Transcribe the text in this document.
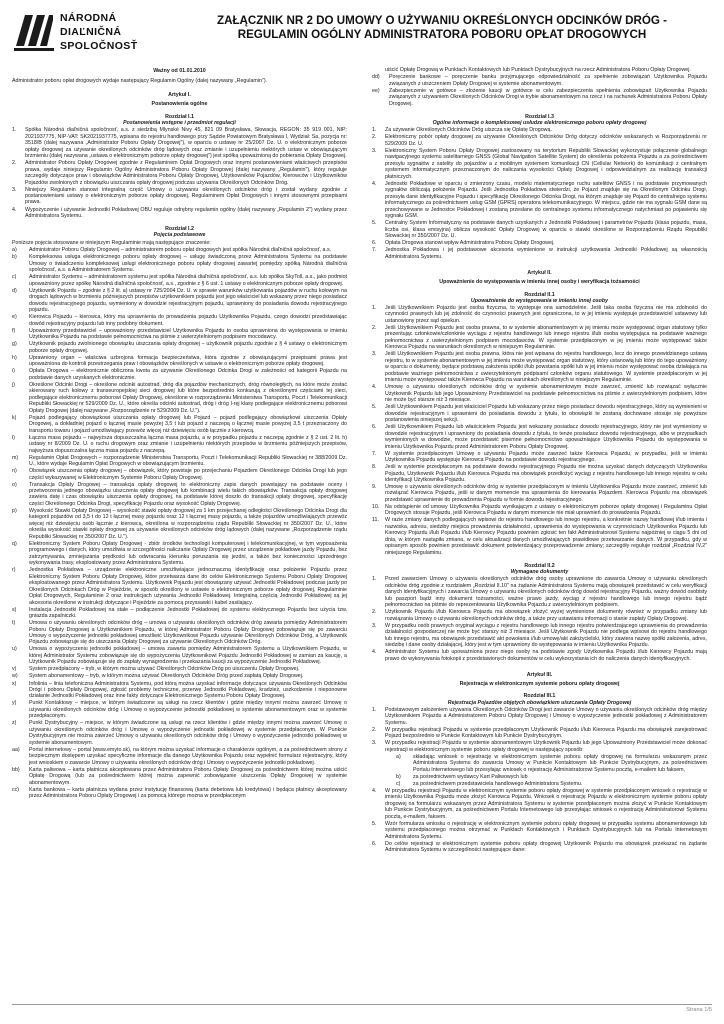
NÁRODNÁ
DIAĽNIČNÁ
SPOLOČNOSŤ
ZAŁĄCZNIK NR 2 DO UMOWY O UŻYWANIU OKREŚLONYCH ODCINKÓW DRÓG -
REGULAMIN OGÓLNY ADMINISTRATORA POBORU OPŁAT DROGOWYCH
Ważny od 01.01.2010
Administrator poboru opłat drogowych wydaje następujący Regulamin Ogólny (dalej nazywany „Regulamin").
Artykuł I.
Postanowienia ogólne
Rozdział I.1
Postanowienia wstępne i przedmiot regulacji
1.	Spółka Národná diaľničná spoločnosť, a.s. z siedzibą Mlynské Nivy 45, 821 09 Bratysława, Słowacja, REGON: 35 919 001, NIP: 2021937775, NIP-VAT: SK2021937775, wpisana do rejestru handlowego przy Sądzie Powiatowym Bratysława I, Wydział: Sa, pozycja nr: 3518/B (dalej nazywana „Administrator Poboru Opłaty Drogowej"), w oparciu o ustawę nr 25/2007 Dz. U. o elektronicznym poborze opłaty drogowej za używanie określonych odcinków dróg lądowych oraz zmianie i uzupełnieniu niektórych ustaw w obowiązującym brzmieniu (dalej nazywana „ustawa o elektronicznym poborze opłaty drogowej") jest spółką upoważnioną do pobierania Opłaty Drogowej.
2.	Administrator Poboru Opłaty Drogowej zgodnie z Regulaminem Opłat Drogowych oraz innymi postanowieniami właściwych przepisów prawa, wydaje niniejszy Regulamin Ogólny Administratora Poboru Opłaty Drogowej (dalej nazywany „Regulamin"), który reguluje szczegóły dotyczące praw i obowiązków Administratora Poboru Opłaty Drogowej, Użytkowników Pojazdów, Kierowców i Użytkowników Pojazdów zwolnionych z obowiązku uiszczania opłaty drogowej podczas używania Określonych Odcinków Dróg.
3.	Niniejszy Regulamin stanowi integralną część Umowy o używaniu określonych odcinków dróg i został wydany zgodnie z postanowieniami ustawy o elektronicznym poborze opłaty drogowej, Regulaminem Opłat Drogowych i innymi stosownymi przepisami prawa.
4.	Wypożyczenie i używanie Jednostki Pokładowej OBU reguluje odrębny regulamin ogólny (dalej nazywany „Regulamin 2") wydany przez Administratora Systemu.
Rozdział I.2
Pojęcia podstawowe
Poniższe pojęcia stosowane w niniejszym Regulaminie mają następujące znaczenie:
a)	Administrator Poboru Opłaty Drogowej – administratorem poboru opłat drogowych jest spółka Národná diaľničná spoločnosť, a.s.
b)	Kompleksowa usługa elektronicznego poboru opłaty drogowej – usługę świadczoną przez Administratora Systemu na podstawie Umowy o świadczeniu kompleksowej usługi elektronicznego poboru opłaty drogowej zawartej pomiędzy spółką Národná diaľničná spoločnosť, a.s. a Administratorem Systemu.
c)	Administrator Systemu – administratorem systemu jest spółka Národná diaľničná spoločnosť, a.s. lub spółka SkyToll, a.s., jako podmiot upoważniony przez spółkę Národná diaľničná spoločnosť, a.s., zgodnie z § 6 ust. 1 ustawy o elektronicznym poborze opłaty drogowej.
d)	Użytkownik Pojazdu – zgodnie z § 2 lit. a) ustawy nr 725/2004 Dz. U. w sprawie warunków użytkowania pojazdów w ruchu kołowym na drogach lądowych w brzmieniu późniejszych przepisów użytkownikiem pojazdu jest jego właściciel lub wskazany przez niego posiadacz dowodu rejestracyjnego pojazdu, wymieniony w dowodzie rejestracyjnym pojazdu, uprawniony do posiadania dowodu rejestracyjnego pojazdu.
e)	Kierowca Pojazdu – kierowca, który ma uprawnienia do prowadzenia pojazdu Użytkownika Pojazdu, czego dowodzi przedstawiając dowód rejestracyjny pojazdu lub inny podobny dokument.
f)	Upoważniony przedstawiciel – upoważniony przedstawiciel Użytkownika Pojazdu to osoba uprawniona do występowania w imieniu Użytkownika Pojazdu na podstawie pełnomocnictwa na piśmie z uwierzytelnionym podpisem mocodawcy.
g)	Użytkownik pojazdu zwolnionego obowiązku uiszczania opłaty drogowej – użytkownik pojazdu zgodnie z § 4 ustawy o elektronicznym poborze opłaty drogowej.
h)	Uprawniony organ – właściwa uzbrojona formacja bezpieczeństwa, która zgodnie z obowiązującymi przepisami prawa jest upoważniona do kontroli przestrzegania praw i obowiązków określonych w ustawie o elektronicznym poborze opłaty drogowej.
i)	Opłata Drogowa – elektronicznie obliczona kwota za używanie Określonego Odcinka Drogi w zależności od kategorii Pojazdu na podstawie danych uzyskanych elektronicznie.
j)	Określone Odcinki Drogi – określone odcinki autostrad, dróg dla pojazdów mechanicznych, dróg równoległych, na które może zostać skierowany ruch kołowy z transeuropejskiej sieci drogowej lub które bezpośrednio konkurują z określonymi częściami tej sieci, podlegające elektronicznemu poborowi Opłaty Drogowej, określone w rozporządzeniu Ministerstwa Transportu, Poczt i Telekomunikacji Republiki Słowackiej nr 529/2009 Dz. U., które określa odcinki autostrad, dróg i dróg I-ręj klasy podlegające elektronicznemu poborowi Opłaty Drogowej (dalej nazywane „Rozporządzenie nr 529/2009 Dz. U.").
k)	Pojazd podlegający obowiązkowi uiszczania opłaty drogowej lub Pojazd – pojazd podlegający obowiązkowi uiszczenia Opłaty Drogowej, a dokładniej pojazd o łącznej masie powyżej 3,5 t lub pojazd z naczepą o łącznej masie powyżej 3,5 t przeznaczony do transportu towaru i pojazd umożliwiający przewóz więcej niż dziewięciu osób łącznie z kierowcą.
l)	Łączna masa pojazdu – najwyższa dopuszczalna łączna masa pojazdu, a w przypadku pojazdu z naczepą zgodnie z § 2 ust. 2 lit. h) ustawy nr 8/2009 Dz. U. o ruchu drogowym oraz zmianie i uzupełnieniu niektórych przepisów w brzmieniu późniejszych przepisów, najwyższa dopuszczalna łączna masa pojazdu z naczepą.
m)	Regulamin Opłat Drogowych – rozporządzenie Ministerstwa Transportu, Poczt i Telekomunikacji Republiki Słowackiej nr 388/2009 Dz. U., które wydaje Regulamin Opłat Drogowych w obowiązującym brzmieniu.
n)	Obowiązek uiszczenia opłaty drogowej – obowiązek, który powstaje po przejechaniu Pojazdem Określonego Odcinka Drogi lub jego części wykazywanej w Elektronicznym Systemie Poboru Opłaty Drogowej.
o)	Transakcja Opłaty Drogowej – transakcja opłaty drogowej to elektroniczny zapis danych powstający na podstawie oceny i przetworzenia jednego obowiązku uiszczenia opłaty drogowej lub kombinacji wielu takich obowiązków. Transakcja opłaty drogowej zawiera datę i czas obowiązku uiszczenia opłaty drogowej, na podstawie której doszło do transakcji opłaty drogowej, specyfikację części Określonego Odcinka Drogi, specyfikację Pojazdu oraz wysokość Opłaty Drogowej.
p)	Wysokość Stawki Opłaty Drogowej – wysokość stawki opłaty drogowej za 1 km przejechanej odległości Określonego Odcinka Drogi dla kategorii pojazdów od 3,5 t do 12 t łącznej masy pojazdu oraz 12 t łącznej masy pojazdu, a także pojazdów umożliwiających przewóz więcej niż dziewięciu osób łącznie z kierowcą, określona w rozporządzeniu rządu Republiki Słowackiej nr 350/2007 Dz. U., które określa wysokość stawki opłaty drogowej za używanie określonych odcinków dróg lądowych (dalej nazywane „Rozporządzenie rządu Republiki Słowackiej nr 350/2007 Dz. U.").
q)	Elektroniczny System Poboru Opłaty Drogowej - zbiór środków technologii komputerowej i telekomunikacyjnej, w tym wyposażenia programowego i danych, który umożliwia w szczególności naliczanie Opłaty Drogowej przez urządzenie pokładowe jazdy Pojazdu, bez zatrzymywania, zmniejszania prędkości lub odwracania kierunku poruszania się jezdni, a także bez konieczności uprzedniego wykonywania trasy, eksploatowany przez Administratora Systemu.
r)	Jednostka Pokładowa – urządzenie elektroniczne umożliwiające jednoznaczną identyfikację oraz położenie Pojazdu przez Elektroniczny System Poboru Opłaty Drogowej, które przetwarza dane do celów Elektronicznego Systemu Poboru Opłaty Drogowej eksploatowanego przez Administratora Systemu. Użytkownik Pojazdu jest obowiązany używać Jednostki Pokładowej podczas jazdy po Określonych Odcinkach Dróg w Pojeździe, w sposób określony w ustawie o elektronicznym poborze opłaty drogowej, Regulaminie Opłat Drogowych, Regulaminie 2 oraz instrukcjach używania Jednostki Pokładowej. Integralną częścią Jednostki Pokładowej są jej akcesoria określone w instrukcji dotyczące i Pojeździe za pomocą przyssawki i kabel zasilający.
s)	Instalacja Jednostki Pokładowej na stałe – podłączenie Jednostki Pokładowej do systemu elektrycznego Pojazdu bez użycia tzw. gniazda zapalniczki.
t)	Umowa o używaniu określonych odcinków dróg – umowa o używaniu określonych odcinków dróg zawarta pomiędzy Administratorem Poboru Opłaty Drogowej a Użytkownikiem Pojazdu, w której Administrator Poboru Opłaty Drogowej zobowiązuje się po zawarciu Umowy o wypożyczenie jednostki pokładowej umożliwić Użytkownikowi Pojazdu używanie Określonych Odcinków Dróg, a Użytkownik Pojazdu zobowiązuje się do uiszczania Opłaty Drogowej za używanie Określonych Odcinków Dróg.
u)	Umowa o wypożyczeniu jednostki pokładowej – umowa zawarta pomiędzy Administratorem Systemu a Użytkownikiem Pojazdu, w której Administrator Systemu zobowiązuje się do wypożyczenia Użytkownikowi Pojazdu Jednostki Pokładowej w zamian za kaucję, a Użytkownik Pojazdu zobowiązuje się do zapłaty wynagrodzenia i przekazania kaucji za wypożyczenie Jednostki Pokładowej.
v)	System przedpłacony – tryb, w którym można używać Określonych Odcinków Dróg po uiszczeniu Opłaty Drogowej.
w)	System abonamentowy – tryb, w którym można używać Określonych Odcinków Dróg przed zapłatą Opłaty Drogowej.
x)	Infolinia – linia telefoniczna Administratora Systemu, pod którą można uzyskać informacje dotyczące używania Określonych Odcinków Drógi i poboru Opłaty Drogowej, zgłosić problemy techniczne, przerwę Jednostki Pokładowej, kradzież, uszkodzenie i nieponowne działanie Jednostki Pokładowej oraz inne fakty dotyczące Elektronicznego Systemu Poboru Opłaty Drogowej.
y)	Punkt Kontaktowy – miejsce, w którym świadczone są usługi na rzecz klientów i gdzie między innymi można zawrzeć Umowę o używaniu określonych odcinków dróg i Umowę o wypożyczenie jednostki pokładowej w systemie abonamentowym oraz w systemie przedpłaconym.
z)	Punkt Dystrybucyjny – miejsce, w którym świadczone są usługi na rzecz klientów i gdzie między innymi można zawrzeć Umowę o używaniu określonych odcinków dróg i Umowę o wypożyczenie jednostki pokładowej w systemie przedpłaconym. W Punkcie Dystrybucyjnym nie można zawrzeć Umowy o używaniu określonych odcinków dróg i Umowy o wypożyczenie jednostki pokładowej w systemie abonamentowym.
aa)	Portal internetowy – portal (www.emyto.sk), na którym można uzyskać informacje o charakterze ogólnym, a za pośrednictwem strony z bezpiecznym dostępem uzyskać specyficzne informacje dla danego Użytkownika Pojazdu oraz wypełnić formularz rejestracyjny, który jest wnioskiem o zawarcie Umowy o używaniu określonych odcinków dróg i Umowy o wypożyczenie jednostki pokładowej.
bb)	Karta paliwowa – karta płatnicza akceptowana przez Administratora Poboru Opłaty Drogowej za pośrednictwem której można uiścić Opłatę Drogową (lub za pośrednictwem której można zapewnić zobowiązanie uiszczenia Opłaty Drogowej w systemie abonamentowym.
cc)	Karta bankowa – karta płatnicza wydana przez instytucję finansową (karta debetowa lub kredytowa) i będąca płatnicy akceptowany przez Administratora Poboru Opłaty Drogowej i za pomocą którego można w przedpłaconym
uiścić Opłatę Drogową w Punktach Kontaktowych lub Punktach Dystrybucyjnych na rzecz Administratora Poboru Opłaty Drogowej.
dd)	Poręczenie bankowe – poręczenie banku przyjmującego odpowiedzialność za spełnienie zobowiązań Użytkownika Pojazdu związanych z uiszczeniem Opłaty Drogowej w systemie abonamentowym.
ee)	Zabezpieczenie w gotówce – złożenie kaucji w gotówce w celu zabezpieczenia spełnienia zobowiązań Użytkownika Pojazdu związanych z używaniem Określonych Odcinków Drogi w trybie abonamentowym na rzecz i na rachunek Administratora Poboru Opłaty Drogowej.
Rozdział I.3
Ogólne informacje o kompleksowej usłudze elektronicznego poboru opłaty drogowej
1.	Za używanie Określonych Odcinków Dróg uiszcza się Opłatę Drogową.
2.	Elektroniczny pobór opłaty drogowej za używanie Określonych Odcinków Dróg dotyczy odcinków wskazanych w Rozporządzeniu nr 529/2009 Dz. U.
3.	Elektroniczny System Poboru Opłaty Drogowej zastosowany na terytorium Republiki Słowackiej wykorzystuje połączenie globalnego nawigacyjnego systemu satelitarnego GNSS (Global Navigation Satellite System) do określenia położenia Pojazdu a za pośrednictwem przesyłu sygnałów z satelity do pojazdów a z mobilnym systemem komunikacji CN (Cellular Network) do komunikacji z centralnym systemem informatycznym przeznaczonym do naliczania wysokości Opłaty Drogowej i odpowiedzialnym za realizację transakcji płatniczych.
4.	Jednostki Pokładowe w oparciu o zmierzony czasu, modelu matematycznego ruchu satelitów GNSS i na podstawie przymowanych sygnałów obliczają położenie Pojazdu. Jeśli Jednostka Pokładowa stwierdzi, że Pojazd znajduje się na Określonym Odcinku Drogi, przesyła dane identyfikacyjne Pojazdu i specyfikację Określonego Odcinka Drogi, na którym znajduje się Pojazd do centralnego systemu informatycznego za pośrednictwem usług GSM (GPRS) operatora telekomunikacyjnego. W miejscu, gdzie nie ma sygnału GSM dane są przechowywane w Jednostce Pokładowej i zostaną przesłane do centralnego systemu informatycznego natychmiast po pojawieniu się sygnału GSM.
5.	Centralny System Informatyczny na podstawie danych uzyskanych z Jednostki Pokładowej i parametrów Pojazdu (klasa pojazdu, masa, liczba osi, klasa emisyjna) oblicza wysokość Opłaty Drogowej w oparciu o stawki określone w Rozporządzeniu Rządu Republiki Słowackiej nr 350/2007 Dz. U.
6.	Opłata Drogowa stanowi wpływ Administratora Poboru Opłaty Drogowej.
7.	Jednostka Pokładowa i jej podstawowe akcesoria wymienione w instrukcji użytkowania Jednostki Pokładowej są własnością Administratora Systemu.
Artykuł II.
Upoważnienie do występowania w imieniu innej osoby i weryfikacja tożsamości
Rozdział II.1
Upoważnienie do występowania w imieniu innej osoby
1.	Jeśli Użytkownikiem Pojazdu jest osoba fizyczna, to występuje ona samodzielnie. Jeśli taka osoba fizyczna nie ma zdolności do czynności prawnych lub jej zdolność do czynności prawnych jest ograniczona, to w jej imieniu występuje przedstawiciel ustawowy lub ustanowiony przez sąd opiekun.
2.	Jeśli Użytkownikiem Pojazdu jest osoba prawna, to w systemie abonamentowym w jej imieniu może występować organ statutowy tylko prezentując członkowie/członkinie wyciągu z rejestru handlowego lub innego rejestru i/lub osoba występująca na podstawie ważnego pełnomocnictwa z uwierzytelnionym podpisem mocodawców. W systemie przedpłaconym w jej imieniu może występować także Kierowca Pojazdu na warunkach określonych w niniejszym Regulaminie.
3.	Jeśli Użytkownikiem Pojazdu jest osoba prawna, która nie jest wpisana do rejestru handlowego, lecz do innego przewidzianego ustawą rejestru, to w systemie abonamentowym w jej imieniu może występować organ statutowy, który ustanowią lub który do tego upoważniony w oparciu o dokumenty, będące podstawą założenia spółki i/lub powstania spółki lub w jej imieniu może występować osoba działająca na podstawie ważnego pełnomocnictwa z uwierzytelnionym podpisami członków organu statutowego. W systemie przedpłaconym w jej imieniu może występować także Kierowca Pojazdu na warunkach określonych w niniejszym Regulaminie.
4.	Umowę o używaniu określonych odcinków dróg w systemie abonamentowym może zawrzeć, zmienić lub rozwiązać wyłącznie Użytkownik Pojazdu lub jego Upoważniony Przedstawiciel na podstawie pełnomocnictwa na piśmie z uwierzytelnionym podpisem, które nie może być starsze niż 3 miesiące.
5.	Jeśli Użytkownikiem Pojazdu jest właściciel Pojazdu lub wskazany przez niego posiadacz dowodu rejestracyjnego, który są wymienieni w dowodzie rejestracyjnym i uprawnieni do posiadania dowodu z tytułu, to obowiązki te zostaną dochowane stosuje się powyższe postanowienia niniejszej sekcji.
6.	Jeśli Użytkownikiem Pojazdu lub właścicielem Pojazdu jest wskazany posiadacz dowodu rejestracyjnego, który nie jest wymieniony w dowodzie rejestracyjnym i uprawniony do posiadania dowodu z tytułu, to tenże posiadacz dowodu rejestracyjnego, albo w przypadkach wymienionych w dowodzie, może przedstawić pisemne pełnomocnictwo upoważniające Użytkownika Pojazdu do występowania w imieniu Użytkownika Pojazdu przed Administratorem Poboru Opłaty Drogowej.
7.	W systemie przedpłaconym Umowę o używaniu Pojazdu może zawrzeć także Kierowca Pojazdu, w przypadku, jeśli w imieniu Użytkownika Pojazdu występuje Kierowca Pojazdu na podstawie dowodu rejestracyjnego.
8.	Jeśli w systemie przedpłaconym na podstawie dowodu rejestracyjnego Pojazdu nie można uzyskać danych dotyczących Użytkownika Pojazdu, Użytkownik Pojazdu i/lub Kierowca Pojazdu ma obowiązek przedłożyć wyciąg z rejestru handlowego lub innego rejestru w celu identyfikacji Użytkownika Pojazdu.
9.	Umowę o używaniu określonych odcinków dróg w systemie przedpłaconym w imieniu Użytkownika Pojazdu może zawrzeć, zmienić lub rozwiązać Kierowca Pojazdu, jeśli w danym momencie ma uprawnienia do kierowania Pojazdem. Kierowca Pojazdu ma obowiązek przedstawić uprawnienie do prowadzenia Pojazdu w formie dowodu rejestracyjnego.
10.	Na odstąpienie od umowy Użytkownika Pojazdu wynikającym z ustawy o elektronicznym poborze opłaty drogowej i Regulaminu Opłat Drogowych stosuje Pojazdu, jeśli Kierowca Pojazdu w danym momencie nie miał uprawnień do prowadzenia Pojazdu.
11.	W razie zmiany danych podlegających wpisowi do rejestru handlowego lub innego rejestru, a konkretnie nazwy handlowej i/lub imienia i nazwiska, adresu, siedziby miejsca prowadzenia działalności, uprawnienia do występowania w czynnościach Użytkownika Pojazdu lub Kierowcy Pojazdu i/lub Pojazdu i/lub Kierowcy Pojazdu powinien zgłosić ten fakt Administratorowi Systemu najpóźniej w ciągu 5 dni od dnia, w którym nastąpiła zmiana, w celu aktualizacji danych umożliwiających prawidłowe przetwarzanie danych. W przypadku, gdy w opisanym sposób powinien przedstawić dokument potwierdzający przeprowadzenie zmiany; szczegóły reguluje rozdział „Rozdział IV.2" niniejszego Regulaminu.
Rozdział II.2
Wymagane dokumenty
1.	Przed zawarciem Umowy o używaniu określonych odcinków dróg osoby uprawnione do zawarcia Umowy o używaniu określonych odcinków dróg zgodnie z rozdziałem „Rozdział II.10" na żądanie Administratora Systemu mają obowiązek przedstawić w celu weryfikacji danych identyfikacyjnych i zawarcia Umowy o używaniu określonych odcinków dróg dowód rejestracyjny Pojazdu, ważny dowód osobisty lub paszport bądź inny dokument tożsamości, ważne prawo jazdy, wyciąg z rejestru handlowego lub innego rejestru bądź pełnomocnictwo na piśmie do reprezentowania Użytkownika Pojazdu z uwierzytelnionym podpisem.
2.	Użytkownik Pojazdu i/lub Kierowca Pojazdu ma obowiązek złożyć wyżej wymienione dokumenty również w przypadku zmiany lub rozwiązania Umowy o używaniu określonych odcinków dróg, a także przy ustawianiu informacji o stanie zapłaty Opłaty Drogowej.
3.	W przypadku osób prawnych oryginał wyciągu z rejestru handlowego lub innego rejestru potwierdzającego uprawnienia do prowadzenia działalności gospodarczej nie może być starszy niż 3 miesiące. Jeśli Użytkownik Pojazdu nie podlega wpisowi do rejestru handlowego lub innego rejestru, ma obowiązek przedstawić akt powołania i/lub umowę/akt założycielski, który zawiera nazwę spółki założenia, adres, siedzibę i dane osoby działającej, który jest w tym uprawniony do występowania w imieniu Użytkownika Pojazdu.
4.	Administrator Systemu lub upoważniona przez niego osoby na podstawie zgody Użytkownika Pojazdu i/lub Kierowcy Pojazdu mają prawo do wykonywania fotokopii z przedstawionych dokumentów w celu wykorzystania ich do naliczenia danych identyfikacyjnych.
Artykuł III.
Rejestracja w elektronicznym systemie poboru opłaty drogowej
Rozdział III.1
Rejestracja Pojazdów objętych obowiązkiem uiszczania Opłaty Drogowej
1.	Podstawowym założeniem używania Określonych Odcinków Drogi jest zawarcie Umowy o używaniu określonych odcinków dróg między Użytkownikiem Pojazdu a Administratorem Poboru Opłaty Drogowej i Umowy o wypożyczenie jednostki pokładowej z Administratorem Systemu.
2.	W przypadku rejestracji Pojazdu w systemie przedpłaconym Użytkownik Pojazdu i/lub Kierowca Pojazdu ma obowiązek zarejestrować Pojazd bezpośrednio w Punkcie Kontaktowym lub Punkcie Dystrybucyjnym.
3.	W przypadku rejestracji Pojazdu w systemie abonamentowym Użytkownik Pojazdu lub jego Upoważniony Przedstawiciel może dokonać rejestracji w elektronicznym systemie poboru opłaty drogowej w następujący sposób:
a)	składając wniosek o rejestrację w elektronicznym systemie poboru opłaty drogowej na formularzu wskazanym przez Administratora Systemu do zawarcia Umowy w Punkcie Kontaktowym lub Punkcie Dystrybucyjnym, za pośrednictwem Portalu Internetowego lub przesyłając wniosek o rejestrację Administratorowi Systemu pocztą, e-mailem lub faksem,
b)	za pośrednictwem wydawcy Kart Paliwowych lub
c)	za pośrednictwem przedstawiciela handlowego Administratora Systemu.
4.	W przypadku rejestracji Pojazdu w elektronicznym systemie poboru opłaty drogowej w systemie przedpłaconym wniosek o rejestrację w imieniu Użytkownika Pojazdu może złożyć Kierowca Pojazdu. Wniosek o rejestrację Pojazdu w elektronicznym systemie poboru opłaty drogowej na formularzu wskazanym przez Administratora Systemu w systemie przedpłaconym można złożyć w Punkcie Kontaktowym lub Punkcie Dystrybucyjnym, za pośrednictwem Portalu Internetowego lub przesyłając wniosek o rejestrację Administratorowi Systemu pocztą, e-mailem, faksem.
5.	Wzór formularza wniosku o rejestrację w elektronicznym systemie poboru opłaty drogowej w przypadku systemu abonamentowego lub systemu przedpłaconego można otrzymać w Punktach Kontaktowych i Punktach Dystrybucyjnych lub na Portalu Internetowym Administratora Systemu.
6.	Do celów rejestracji w elektronicznym systemie poboru opłaty drogowej Użytkownik Pojazdu ma obowiązek przekazać na żądanie Administratora Systemu w szczególności następujące dane:
Strana 1/5
